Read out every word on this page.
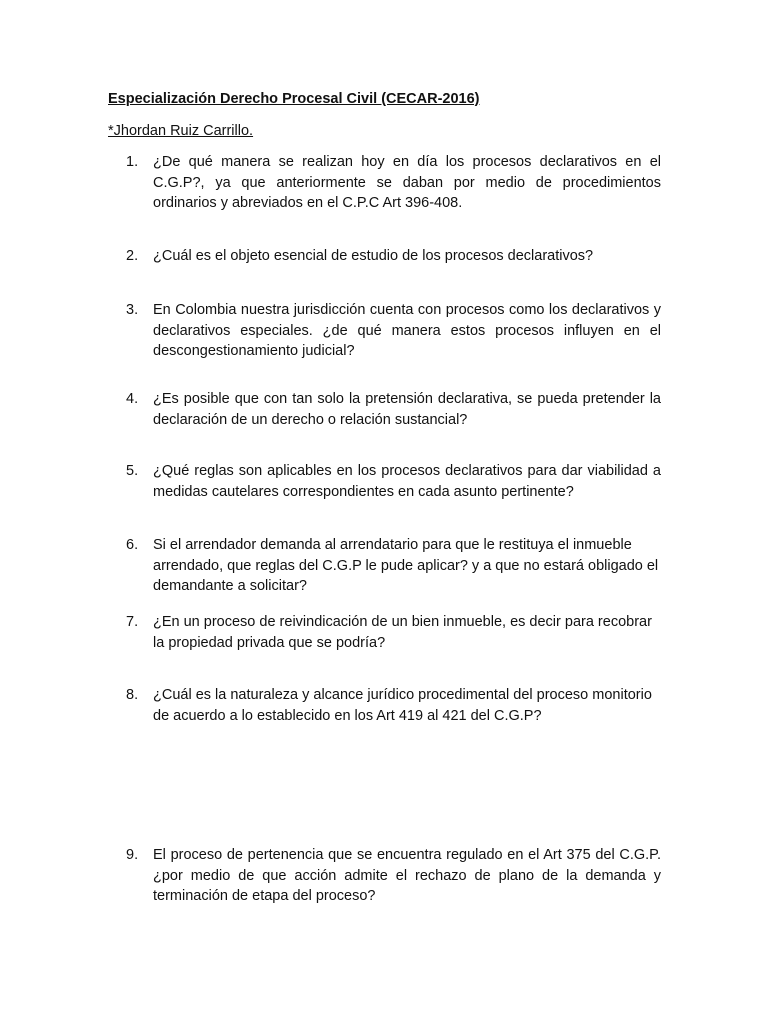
Especialización Derecho Procesal Civil (CECAR-2016)
*Jhordan Ruiz Carrillo.
1.	¿De qué manera se realizan hoy en día los procesos declarativos en el C.G.P?, ya que anteriormente se daban por medio de procedimientos ordinarios y abreviados en el C.P.C Art 396-408.
2.	¿Cuál es el objeto esencial de estudio de los procesos declarativos?
3.	En Colombia nuestra jurisdicción cuenta con procesos como los declarativos y declarativos especiales. ¿de qué manera estos procesos influyen en el descongestionamiento judicial?
4.	¿Es posible que con tan solo la pretensión declarativa, se pueda pretender la declaración de un derecho o relación sustancial?
5.	¿Qué reglas son aplicables en los procesos declarativos para dar viabilidad a medidas cautelares correspondientes en cada asunto pertinente?
6.	Si el arrendador demanda al arrendatario para que le restituya el inmueble arrendado, que reglas del C.G.P le pude aplicar? y a que no estará obligado el demandante a solicitar?
7.	¿En un proceso de reivindicación de un bien inmueble, es decir para recobrar la propiedad privada que se podría?
8.	¿Cuál es la naturaleza y alcance jurídico procedimental del proceso monitorio de acuerdo a lo establecido en los Art 419 al 421 del C.G.P?
9.	El proceso de pertenencia que se encuentra regulado en el Art 375 del C.G.P. ¿por medio de que acción admite el rechazo de plano de la demanda y terminación de etapa del proceso?
